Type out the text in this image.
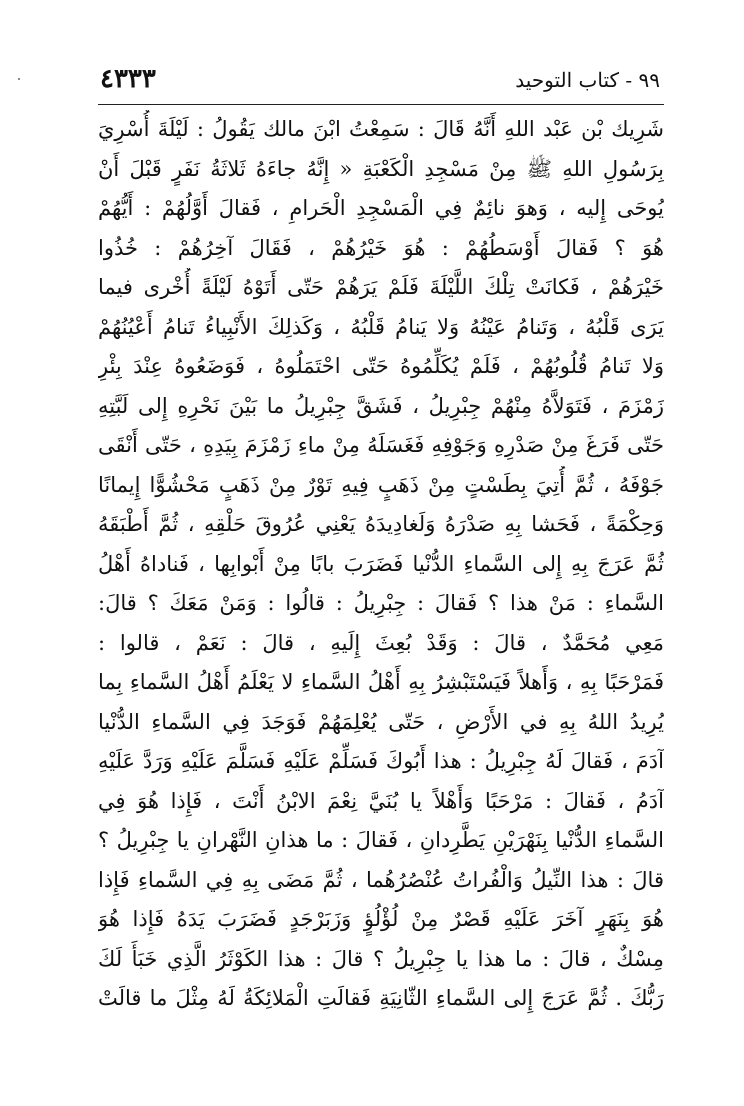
٩٩ - كتاب التوحيد
٤٣٣٣
شَرِيك بْن عَبْد اللهِ أَنَّهُ قَالَ : سَمِعْتُ ابْنَ مالك يَقُولُ : لَيْلَةَ أُسْرِيَ
بِرَسُولِ اللهِ ﷺ مِنْ مَسْجِدِ الْكَعْبَةِ « إِنَّهُ جاءَهُ ثَلاثَةُ نَفَرٍ قَبْلَ أَنْ
يُوحَى إِليه ، وَهوَ نائِمٌ فِي الْمَسْجِدِ الْحَرامِ ، فَقالَ أَوَّلُهُمْ : أَيُّهُمْ
هُوَ ؟ فَقالَ أَوْسَطُهُمْ : هُوَ خَيْرُهُمْ ، فَقَالَ آخِرُهُمْ : خُذُوا
خَيْرَهُمْ ، فَكانَتْ تِلْكَ اللَّيْلَةَ فَلَمْ يَرَهُمْ حَتّى أَتَوْهُ لَيْلَةً أُخْرى فيما
يَرَى قَلْبُهُ ، وَتَنامُ عَيْنُهُ وَلا يَنامُ قَلْبُهُ ، وَكَذلِكَ الأَنْبِياءُ تَنامُ أَعْيُنُهُمْ
وَلا تَنامُ قُلُوبُهُمْ ، فَلَمْ يُكَلِّمُوهُ حَتّى احْتَمَلُوهُ ، فَوَضَعُوهُ عِنْدَ بِئْرِ
زَمْزَمَ ، فَتَوَلاَّهُ مِنْهُمْ جِبْرِيلُ ، فَشَقَّ جِبْرِيلُ ما بَيْنَ نَحْرِهِ إِلى لَبَّتِهِ
حَتّى فَرَغَ مِنْ صَدْرِهِ وَجَوْفِهِ فَغَسَلَهُ مِنْ ماءِ زَمْزَمَ بِيَدِهِ ، حَتّى أَنْقَى
جَوْفَهُ ، ثُمَّ أُتِيَ بِطَسْتٍ مِنْ ذَهَبٍ فِيهِ تَوْرٌ مِنْ ذَهَبٍ مَحْشُوًّا إِيمانًا
وَحِكْمَةً ، فَحَشا بِهِ صَدْرَهُ وَلَغادِيدَهُ يَعْنِي عُرُوقَ حَلْقِهِ ، ثُمَّ أَطْبَقَهُ
ثُمَّ عَرَجَ بِهِ إِلى السَّماءِ الدُّنْيا فَضَرَبَ بابًا مِنْ أَبْوابِها ، فَناداهُ أَهْلُ
السَّماءِ : مَنْ هذا ؟ فَقالَ : جِبْرِيلُ : قالُوا : وَمَنْ مَعَكَ ؟ قالَ:
مَعِي مُحَمَّدٌ ، قالَ : وَقَدْ بُعِثَ إِلَيهِ ، قالَ : نَعَمْ ، قالوا :
فَمَرْحَبًا بِهِ ، وَأَهلاً فَيَسْتَبْشِرُ بِهِ أَهْلُ السَّماءِ لا يَعْلَمُ أَهْلُ السَّماءِ بِما
يُرِيدُ اللهُ بِهِ في الأَرْضِ ، حَتّى يُعْلِمَهُمْ فَوَجَدَ فِي السَّماءِ الدُّنْيا
آدَمَ ، فَقالَ لَهُ جِبْرِيلُ : هذا أَبُوكَ فَسَلِّمْ عَلَيْهِ فَسَلَّمَ عَلَيْهِ وَرَدَّ عَلَيْهِ
آدَمُ ، فَقالَ : مَرْحَبًا وَأَهْلاً يا بُنَيَّ نِعْمَ الابْنُ أَنْتَ ، فَإِذا هُوَ فِي
السَّماءِ الدُّنْيا بِنَهْرَيْنِ يَطَّرِدانِ ، فَقالَ : ما هذانِ النَّهْرانِ يا جِبْرِيلُ ؟
قالَ : هذا النِّيلُ وَالْفُراتُ عُنْصُرُهُما ، ثُمَّ مَضَى بِهِ فِي السَّماءِ فَإِذا
هُوَ بِنَهَرٍ آخَرَ عَلَيْهِ قَصْرٌ مِنْ لُؤْلُؤٍ وَزَبَرْجَدٍ فَضَرَبَ يَدَهُ فَإِذا هُوَ
مِسْكٌ ، قالَ : ما هذا يا جِبْرِيلُ ؟ قالَ : هذا الكَوْثَرُ الَّذِي خَبَأَ لَكَ
رَبُّكَ . ثُمَّ عَرَجَ إِلى السَّماءِ الثّانِيَةِ فَقالَتِ الْمَلائِكَةُ لَهُ مِثْلَ ما قالَتْ
